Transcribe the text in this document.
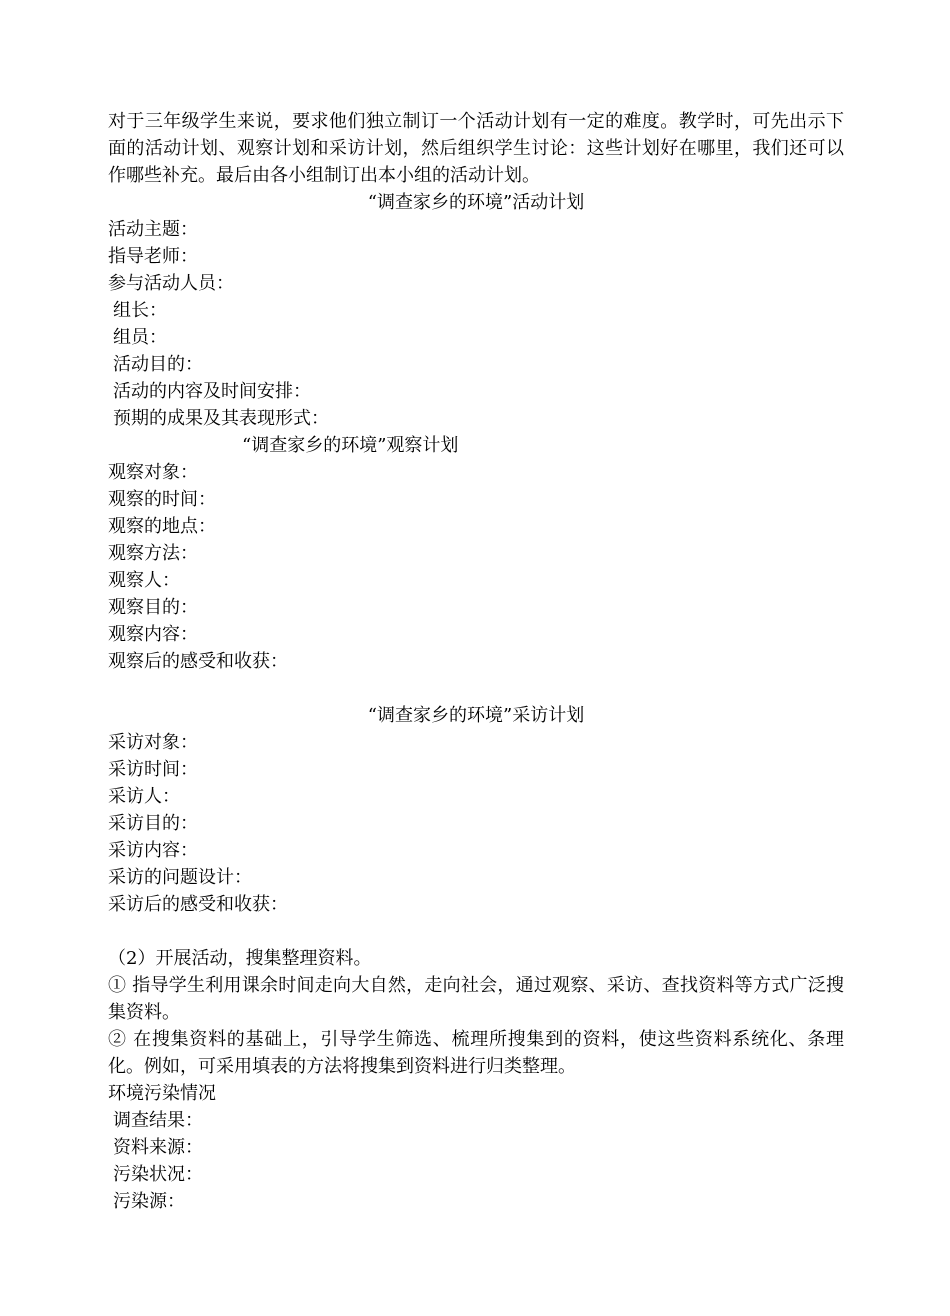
对于三年级学生来说，要求他们独立制订一个活动计划有一定的难度。教学时，可先出示下面的活动计划、观察计划和采访计划，然后组织学生讨论：这些计划好在哪里，我们还可以作哪些补充。最后由各小组制订出本小组的活动计划。

“调查家乡的环境”活动计划

活动主题：

指导老师：

参与活动人员：

组长：

组员：

活动目的：

活动的内容及时间安排：

预期的成果及其表现形式：

“调查家乡的环境”观察计划

观察对象：

观察的时间：

观察的地点：

观察方法：

观察人：

观察目的：

观察内容：

观察后的感受和收获：

“调查家乡的环境”采访计划

采访对象：

采访时间：

采访人：

采访目的：

采访内容：

采访的问题设计：

采访后的感受和收获：

（2）开展活动，搜集整理资料。

① 指导学生利用课余时间走向大自然，走向社会，通过观察、采访、查找资料等方式广泛搜集资料。

② 在搜集资料的基础上，引导学生筛选、梳理所搜集到的资料，使这些资料系统化、条理化。例如，可采用填表的方法将搜集到资料进行归类整理。

环境污染情况

调查结果：

资料来源：

污染状况：

污染源：
